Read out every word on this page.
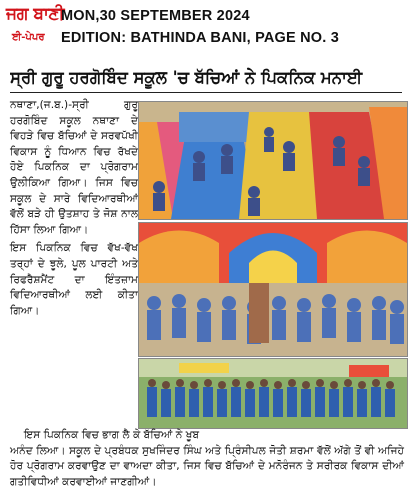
ਜਗ ਬਾਣੀ
ਈ-ਪੇਪਰ
MON,30 SEPTEMBER 2024
EDITION: BATHINDA BANI, PAGE NO. 3
ਸ੍ਰੀ ਗੁਰੂ ਹਰਗੋਬਿੰਦ ਸਕੂਲ 'ਚ ਬੱਚਿਆਂ ਨੇ ਪਿਕਨਿਕ ਮਨਾਈ

ਨਥਾਣਾ,(ਜ.ਬ.)-ਸ੍ਰੀ ਗੁਰੂ ਹਰਗੋਬਿੰਦ ਸਕੂਲ ਨਥਾਣਾ ਦੇ ਵਿਹੜੇ ਵਿਚ ਬੱਚਿਆਂ ਦੇ ਸਰਵਪੱਖੀ ਵਿਕਾਸ ਨੂੰ ਧਿਆਨ ਵਿਚ ਰੱਖਦੇ ਹੋਏ ਪਿਕਨਿਕ ਦਾ ਪ੍ਰੋਗਰਾਮ ਉਲੀਕਿਆ ਗਿਆ। ਜਿਸ ਵਿਚ ਸਕੂਲ ਦੇ ਸਾਰੇ ਵਿਦਿਆਰਥੀਆਂ ਵੱਲੋਂ ਬੜੇ ਹੀ ਉਤਸ਼ਾਹ ਤੇ ਜੋਸ਼ ਨਾਲ ਹਿੱਸਾ ਲਿਆ ਗਿਆ।

ਇਸ ਪਿਕਨਿਕ ਵਿਚ ਵੱਖ-ਵੱਖ ਤਰ੍ਹਾਂ ਦੇ ਝੂਲੇ, ਪੂਲ ਪਾਰਟੀ ਅਤੇ ਰਿਫਰੈਸ਼ਮੈਂਟ ਦਾ ਇੰਤਜ਼ਾਮ ਵਿਦਿਆਰਥੀਆਂ ਲਈ ਕੀਤਾ ਗਿਆ।

ਇਸ ਪਿਕਨਿਕ ਵਿਚ ਭਾਗ ਲੈ ਕੇ ਬੱਚਿਆਂ ਨੇ ਖੂਬ

ਅਨੰਦ ਲਿਆ। ਸਕੂਲ ਦੇ ਪ੍ਰਬੰਧਕ ਸੁਖਜਿੰਦਰ ਸਿੰਘ ਅਤੇ ਪ੍ਰਿੰਸੀਪਲ ਜੋਤੀ ਸ਼ਰਮਾ ਵੱਲੋਂ ਅੱਗੇ ਤੋਂ ਵੀ ਅਜਿਹੇ ਹੋਰ ਪ੍ਰੋਗਰਾਮ ਕਰਵਾਉਣ ਦਾ ਵਾਅਦਾ ਕੀਤਾ, ਜਿਸ ਵਿਚ ਬੱਚਿਆਂ ਦੇ ਮਨੋਰੰਜਨ ਤੇ ਸਰੀਰਕ ਵਿਕਾਸ ਦੀਆਂ ਗਤੀਵਿਧੀਆਂ ਕਰਵਾਈਆਂ ਜਾਣਗੀਆਂ।
